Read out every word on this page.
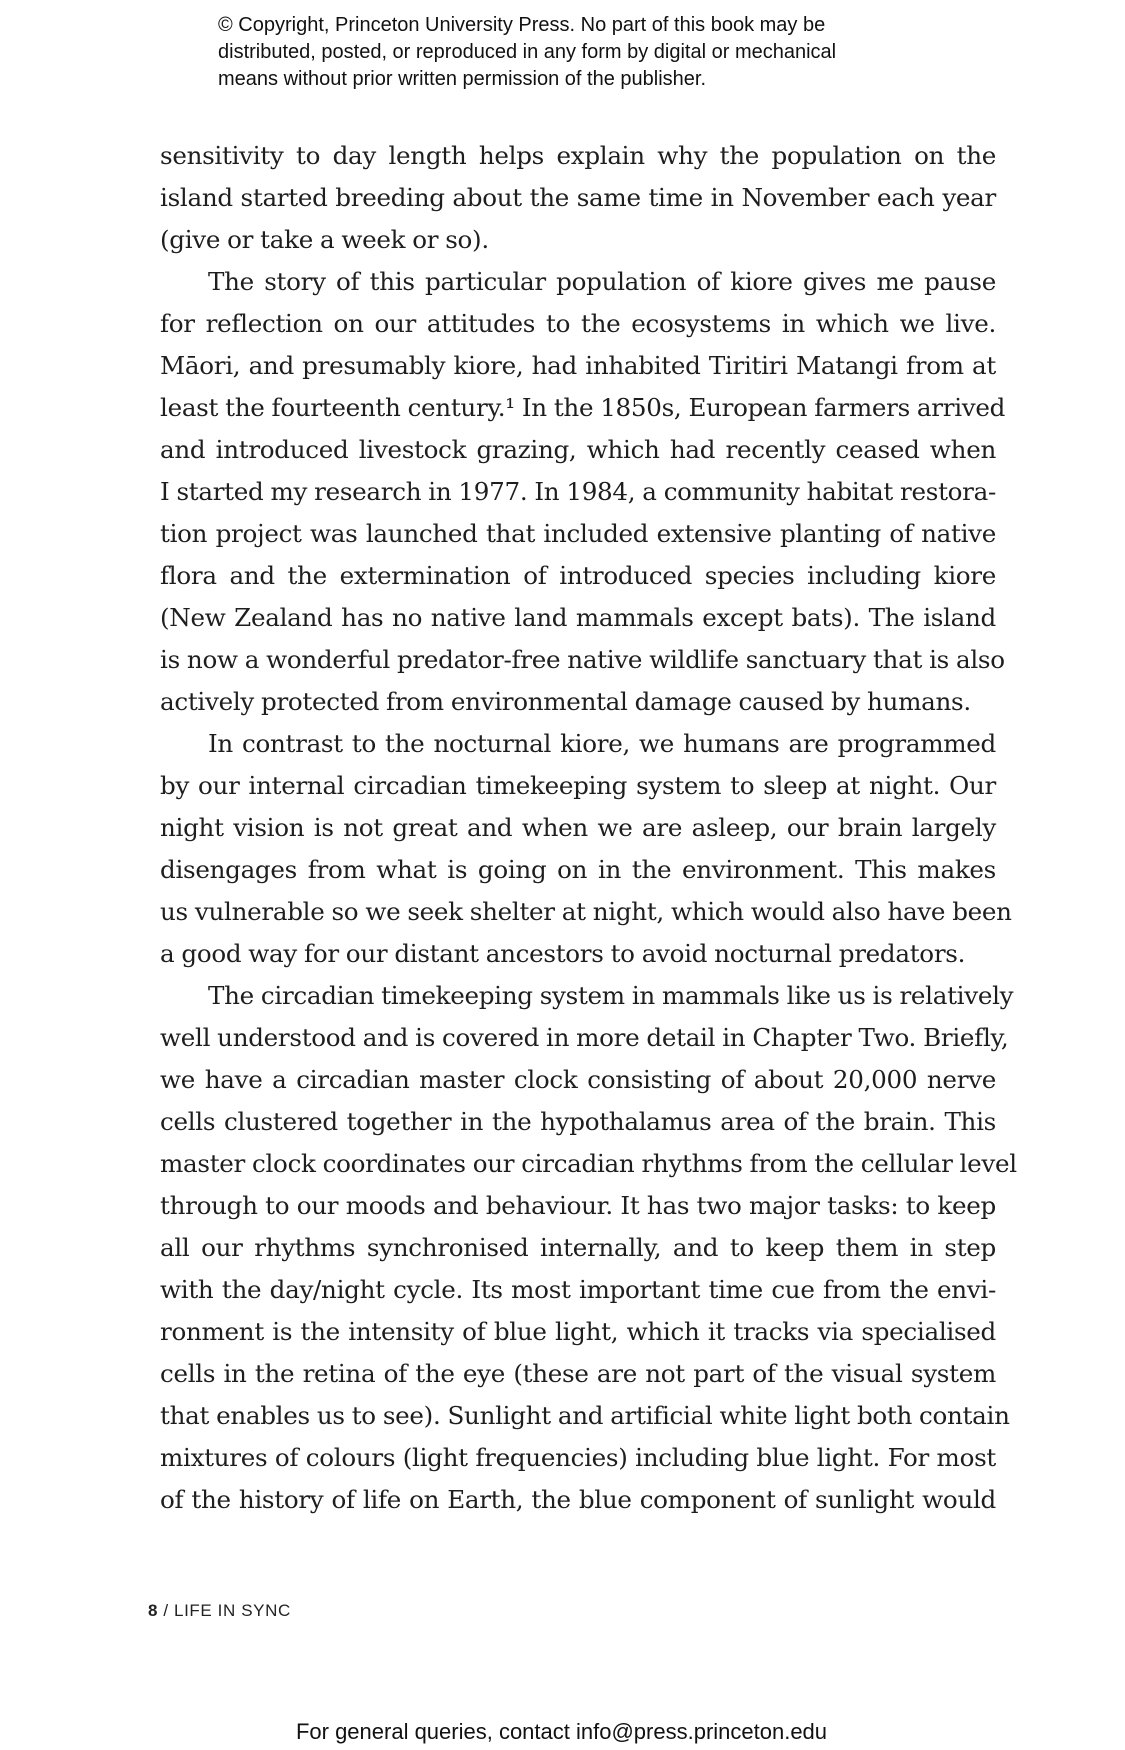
© Copyright, Princeton University Press. No part of this book may be
distributed, posted, or reproduced in any form by digital or mechanical
means without prior written permission of the publisher.
sensitivity to day length helps explain why the population on the
island started breeding about the same time in November each year
(give or take a week or so).
The story of this particular population of kiore gives me pause
for reflection on our attitudes to the ecosystems in which we live.
Māori, and presumably kiore, had inhabited Tiritiri Matangi from at
least the fourteenth century.¹ In the 1850s, European farmers arrived
and introduced livestock grazing, which had recently ceased when
I started my research in 1977. In 1984, a community habitat restora-
tion project was launched that included extensive planting of native
flora and the extermination of introduced species including kiore
(New Zealand has no native land mammals except bats). The island
is now a wonderful predator-free native wildlife sanctuary that is also
actively protected from environmental damage caused by humans.
In contrast to the nocturnal kiore, we humans are programmed
by our internal circadian timekeeping system to sleep at night. Our
night vision is not great and when we are asleep, our brain largely
disengages from what is going on in the environment. This makes
us vulnerable so we seek shelter at night, which would also have been
a good way for our distant ancestors to avoid nocturnal predators.
The circadian timekeeping system in mammals like us is relatively
well understood and is covered in more detail in Chapter Two. Briefly,
we have a circadian master clock consisting of about 20,000 nerve
cells clustered together in the hypothalamus area of the brain. This
master clock coordinates our circadian rhythms from the cellular level
through to our moods and behaviour. It has two major tasks: to keep
all our rhythms synchronised internally, and to keep them in step
with the day/night cycle. Its most important time cue from the envi-
ronment is the intensity of blue light, which it tracks via specialised
cells in the retina of the eye (these are not part of the visual system
that enables us to see). Sunlight and artificial white light both contain
mixtures of colours (light frequencies) including blue light. For most
of the history of life on Earth, the blue component of sunlight would
8 / LIFE IN SYNC
For general queries, contact info@press.princeton.edu
